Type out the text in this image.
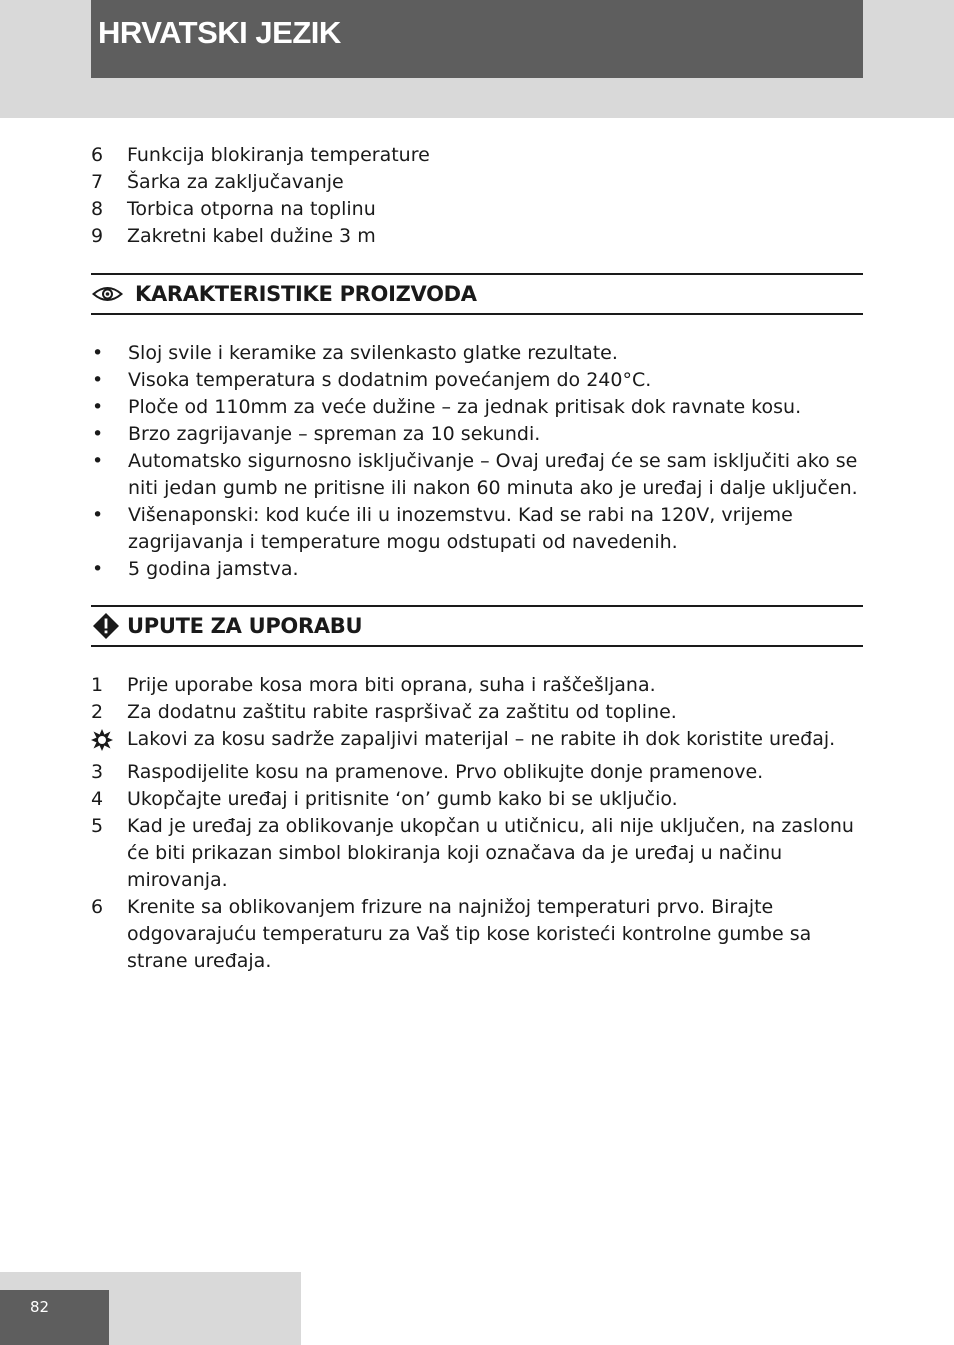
HRVATSKI JEZIK
6	Funkcija blokiranja temperature
7	Šarka za zaključavanje
8	Torbica otporna na toplinu
9	Zakretni kabel dužine 3 m
KARAKTERISTIKE PROIZVODA
•	Sloj svile i keramike za svilenkasto glatke rezultate.
•	Visoka temperatura s dodatnim povećanjem do 240°C.
•	Ploče od 110mm za veće dužine – za jednak pritisak dok ravnate kosu.
•	Brzo zagrijavanje – spreman za 10 sekundi.
•	Automatsko sigurnosno isključivanje – Ovaj uređaj će se sam isključiti ako se niti jedan gumb ne pritisne ili nakon 60 minuta ako je uređaj i dalje uključen.
•	Višenaponski: kod kuće ili u inozemstvu. Kad se rabi na 120V, vrijeme zagrijavanja i temperature mogu odstupati od navedenih.
•	5 godina jamstva.
UPUTE ZA UPORABU
1	Prije uporabe kosa mora biti oprana, suha i raščešljana.
2	Za dodatnu zaštitu rabite raspršivač za zaštitu od topline.
Lakovi za kosu sadrže zapaljivi materijal – ne rabite ih dok koristite uređaj.
3	Raspodijelite kosu na pramenove. Prvo oblikujte donje pramenove.
4	Ukopčajte uređaj i pritisnite ‘on’ gumb kako bi se uključio.
5	Kad je uređaj za oblikovanje ukopčan u utičnicu, ali nije uključen, na zaslonu će biti prikazan simbol blokiranja koji označava da je uređaj u načinu mirovanja.
6	Krenite sa oblikovanjem frizure na najnižoj temperaturi prvo. Birajte odgovarajuću temperaturu za Vaš tip kose koristeći kontrolne gumbe sa strane uređaja.
82
